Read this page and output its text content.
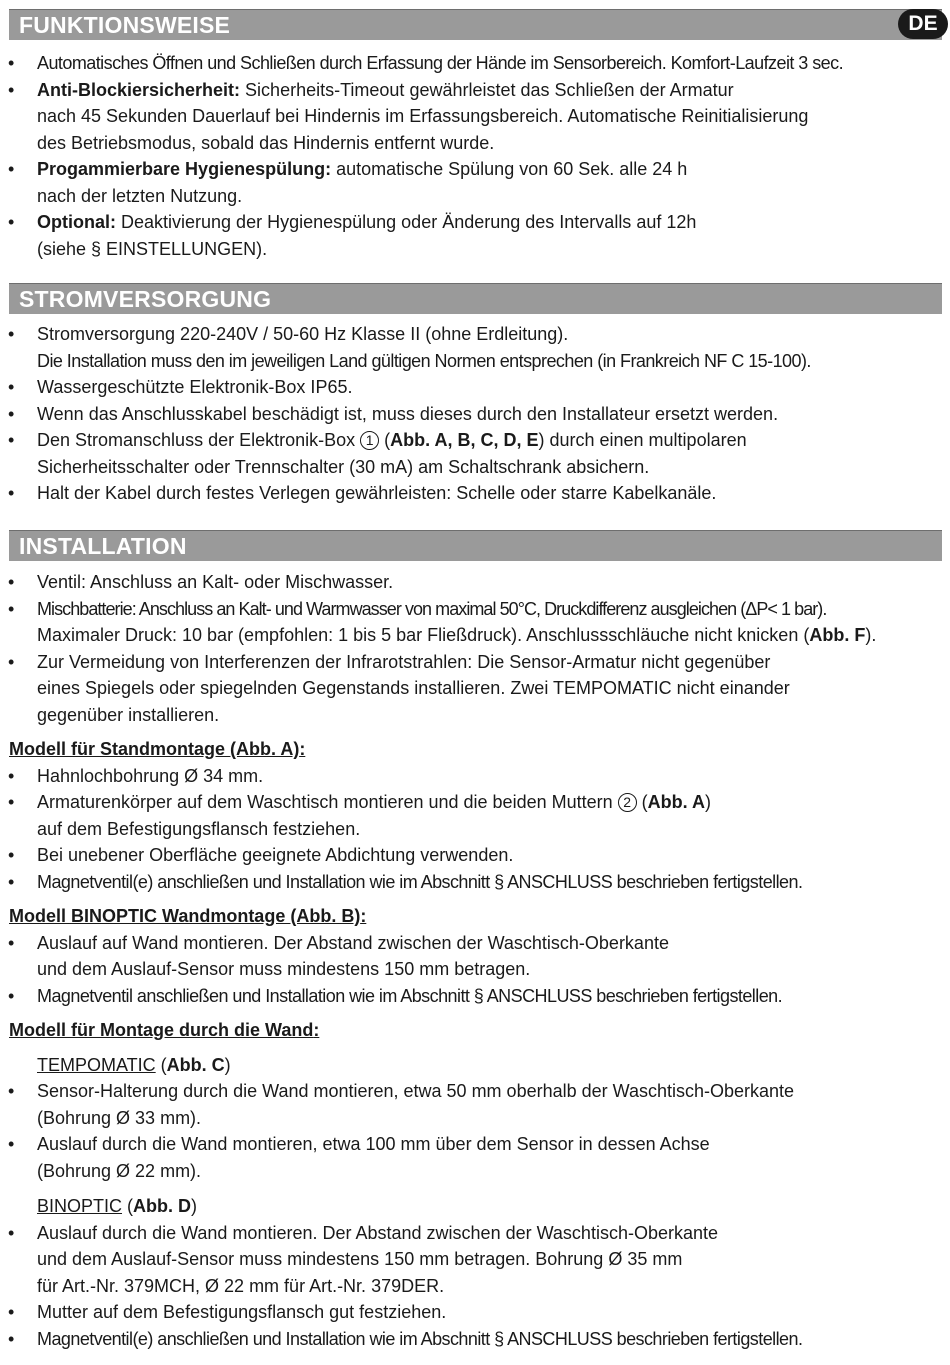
FUNKTIONSWEISE	DE
• Automatisches Öffnen und Schließen durch Erfassung der Hände im Sensorbereich. Komfort-Laufzeit 3 sec.
• Anti-Blockiersicherheit: Sicherheits-Timeout gewährleistet das Schließen der Armatur
nach 45 Sekunden Dauerlauf bei Hindernis im Erfassungsbereich. Automatische Reinitialisierung
des Betriebsmodus, sobald das Hindernis entfernt wurde.
• Progammierbare Hygienespülung: automatische Spülung von 60 Sek. alle 24 h
nach der letzten Nutzung.
• Optional: Deaktivierung der Hygienespülung oder Änderung des Intervalls auf 12h
(siehe § EINSTELLUNGEN).
STROMVERSORGUNG
• Stromversorgung 220-240V / 50-60 Hz Klasse II (ohne Erdleitung).
Die Installation muss den im jeweiligen Land gültigen Normen entsprechen (in Frankreich NF C 15-100).
• Wassergeschützte Elektronik-Box IP65.
• Wenn das Anschlusskabel beschädigt ist, muss dieses durch den Installateur ersetzt werden.
• Den Stromanschluss der Elektronik-Box 1 (Abb. A, B, C, D, E) durch einen multipolaren
Sicherheitsschalter oder Trennschalter (30 mA) am Schaltschrank absichern.
• Halt der Kabel durch festes Verlegen gewährleisten: Schelle oder starre Kabelkanäle.
INSTALLATION
• Ventil: Anschluss an Kalt- oder Mischwasser.
• Mischbatterie: Anschluss an Kalt- und Warmwasser von maximal 50°C, Druckdifferenz ausgleichen (ΔP< 1 bar).
Maximaler Druck: 10 bar (empfohlen: 1 bis 5 bar Fließdruck). Anschlussschläuche nicht knicken (Abb. F).
• Zur Vermeidung von Interferenzen der Infrarotstrahlen: Die Sensor-Armatur nicht gegenüber
eines Spiegels oder spiegelnden Gegenstands installieren. Zwei TEMPOMATIC nicht einander
gegenüber installieren.
Modell für Standmontage (Abb. A):
• Hahnlochbohrung Ø 34 mm.
• Armaturenkörper auf dem Waschtisch montieren und die beiden Muttern 2 (Abb. A)
auf dem Befestigungsflansch festziehen.
• Bei unebener Oberfläche geeignete Abdichtung verwenden.
• Magnetventil(e) anschließen und Installation wie im Abschnitt § ANSCHLUSS beschrieben fertigstellen.
Modell BINOPTIC Wandmontage (Abb. B):
• Auslauf auf Wand montieren. Der Abstand zwischen der Waschtisch-Oberkante
und dem Auslauf-Sensor muss mindestens 150 mm betragen.
• Magnetventil anschließen und Installation wie im Abschnitt § ANSCHLUSS beschrieben fertigstellen.
Modell für Montage durch die Wand:
TEMPOMATIC (Abb. C)
• Sensor-Halterung durch die Wand montieren, etwa 50 mm oberhalb der Waschtisch-Oberkante
(Bohrung Ø 33 mm).
• Auslauf durch die Wand montieren, etwa 100 mm über dem Sensor in dessen Achse
(Bohrung Ø 22 mm).
BINOPTIC (Abb. D)
• Auslauf durch die Wand montieren. Der Abstand zwischen der Waschtisch-Oberkante
und dem Auslauf-Sensor muss mindestens 150 mm betragen. Bohrung Ø 35 mm
für Art.-Nr. 379MCH, Ø 22 mm für Art.-Nr. 379DER.
• Mutter auf dem Befestigungsflansch gut festziehen.
• Magnetventil(e) anschließen und Installation wie im Abschnitt § ANSCHLUSS beschrieben fertigstellen.
